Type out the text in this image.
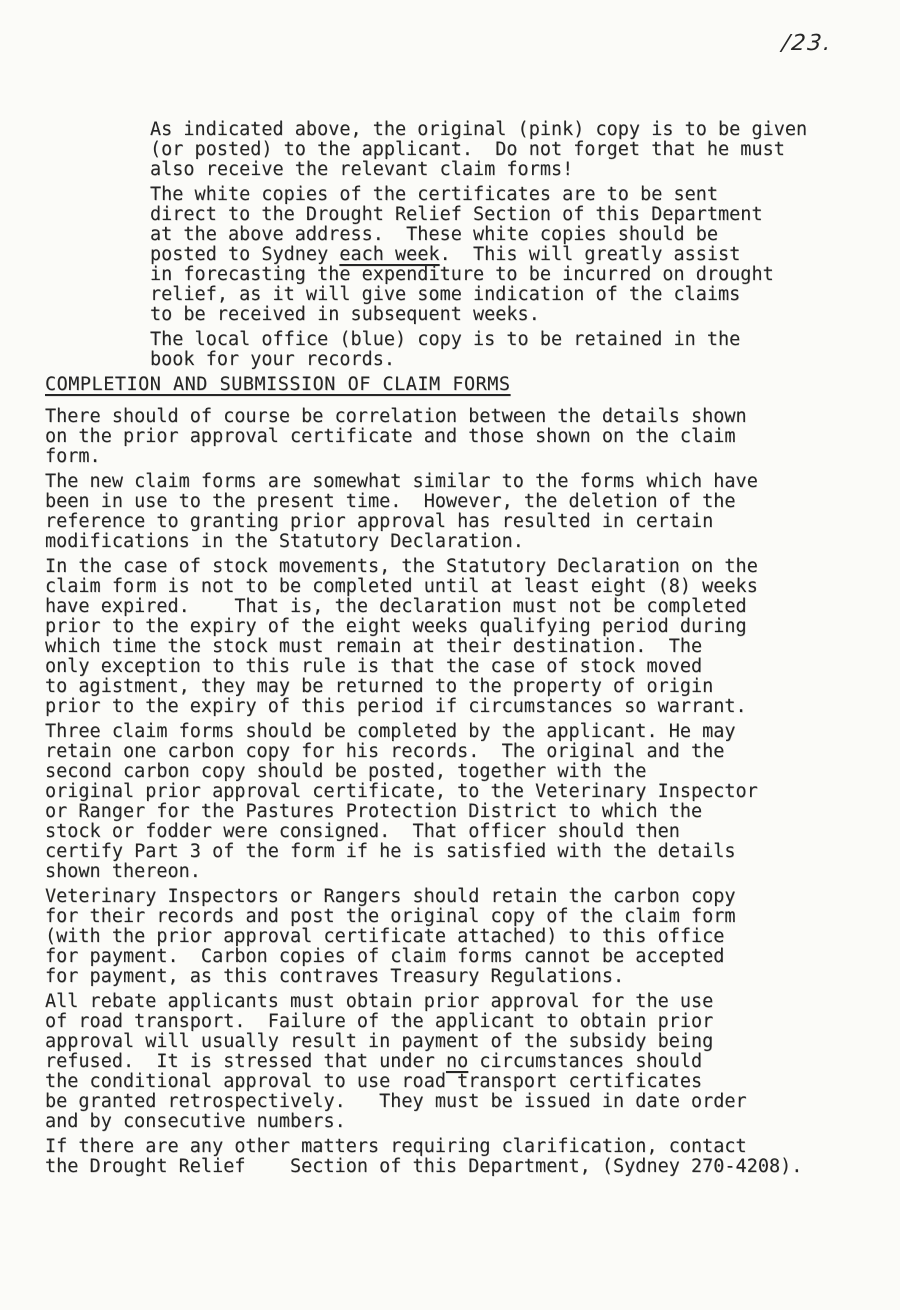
/23.
As indicated above, the original (pink) copy is to be given
(or posted) to the applicant.  Do not forget that he must
also receive the relevant claim forms!
The white copies of the certificates are to be sent
direct to the Drought Relief Section of this Department
at the above address.  These white copies should be
posted to Sydney each week.  This will greatly assist
in forecasting the expenditure to be incurred on drought
relief, as it will give some indication of the claims
to be received in subsequent weeks.
The local office (blue) copy is to be retained in the
book for your records.
COMPLETION AND SUBMISSION OF CLAIM FORMS
There should of course be correlation between the details shown
on the prior approval certificate and those shown on the claim
form.
The new claim forms are somewhat similar to the forms which have
been in use to the present time.  However, the deletion of the
reference to granting prior approval has resulted in certain
modifications in the Statutory Declaration.
In the case of stock movements, the Statutory Declaration on the
claim form is not to be completed until at least eight (8) weeks
have expired.    That is, the declaration must not be completed
prior to the expiry of the eight weeks qualifying period during
which time the stock must remain at their destination.  The
only exception to this rule is that the case of stock moved
to agistment, they may be returned to the property of origin
prior to the expiry of this period if circumstances so warrant.
Three claim forms should be completed by the applicant. He may
retain one carbon copy for his records.  The original and the
second carbon copy should be posted, together with the
original prior approval certificate, to the Veterinary Inspector
or Ranger for the Pastures Protection District to which the
stock or fodder were consigned.  That officer should then
certify Part 3 of the form if he is satisfied with the details
shown thereon.
Veterinary Inspectors or Rangers should retain the carbon copy
for their records and post the original copy of the claim form
(with the prior approval certificate attached) to this office
for payment.  Carbon copies of claim forms cannot be accepted
for payment, as this contraves Treasury Regulations.
All rebate applicants must obtain prior approval for the use
of road transport.  Failure of the applicant to obtain prior
approval will usually result in payment of the subsidy being
refused.  It is stressed that under no circumstances should
the conditional approval to use road transport certificates
be granted retrospectively.   They must be issued in date order
and by consecutive numbers.
If there are any other matters requiring clarification, contact
the Drought Relief    Section of this Department, (Sydney 270-4208).
